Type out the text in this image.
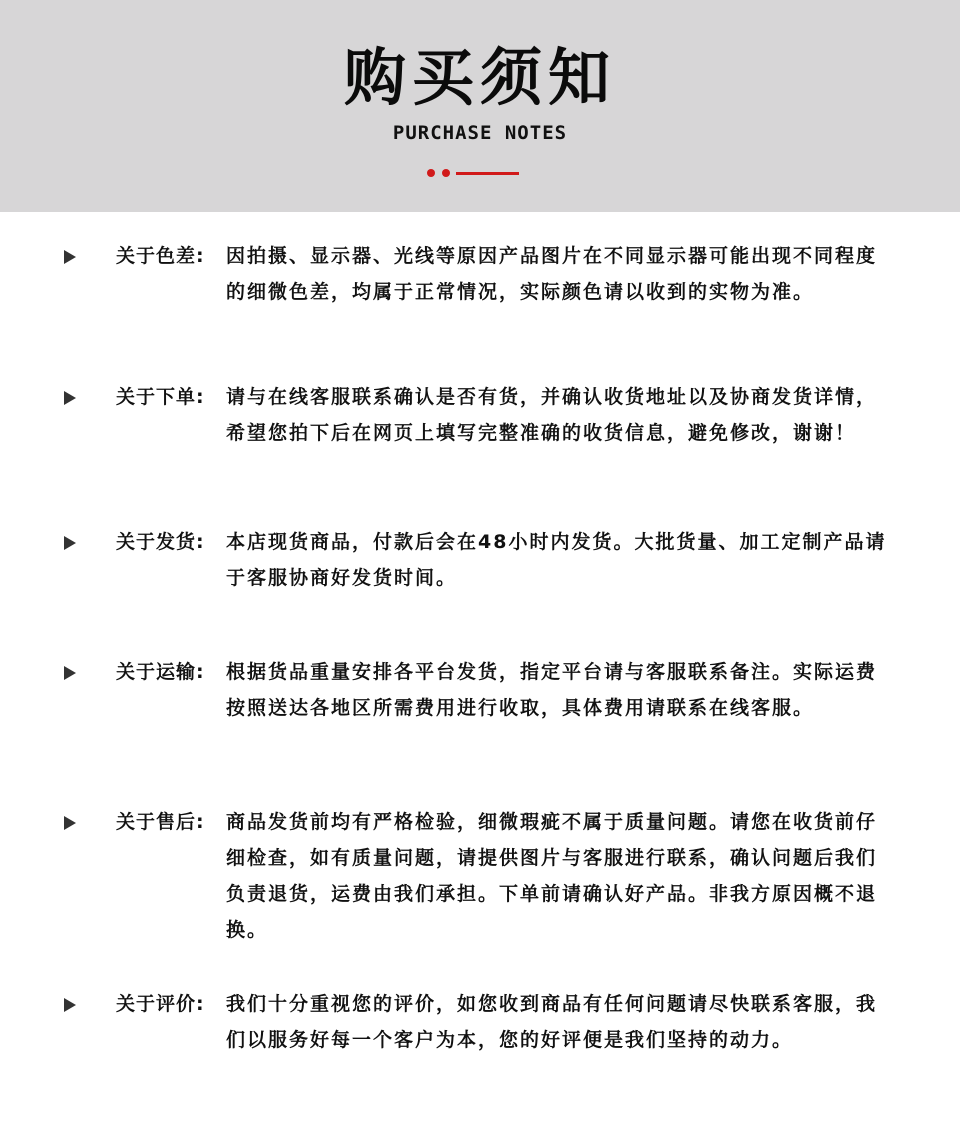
购买须知
PURCHASE NOTES
关于色差:	因拍摄、显示器、光线等原因产品图片在不同显示器可能出现不同程度的细微色差，均属于正常情况，实际颜色请以收到的实物为准。
关于下单:	请与在线客服联系确认是否有货，并确认收货地址以及协商发货详情，希望您拍下后在网页上填写完整准确的收货信息，避免修改，谢谢！
关于发货:	本店现货商品，付款后会在48小时内发货。大批货量、加工定制产品请于客服协商好发货时间。
关于运输:	根据货品重量安排各平台发货，指定平台请与客服联系备注。实际运费按照送达各地区所需费用进行收取，具体费用请联系在线客服。
关于售后:	商品发货前均有严格检验，细微瑕疵不属于质量问题。请您在收货前仔细检查，如有质量问题，请提供图片与客服进行联系，确认问题后我们负责退货，运费由我们承担。下单前请确认好产品。非我方原因概不退换。
关于评价:	我们十分重视您的评价，如您收到商品有任何问题请尽快联系客服，我们以服务好每一个客户为本，您的好评便是我们坚持的动力。
